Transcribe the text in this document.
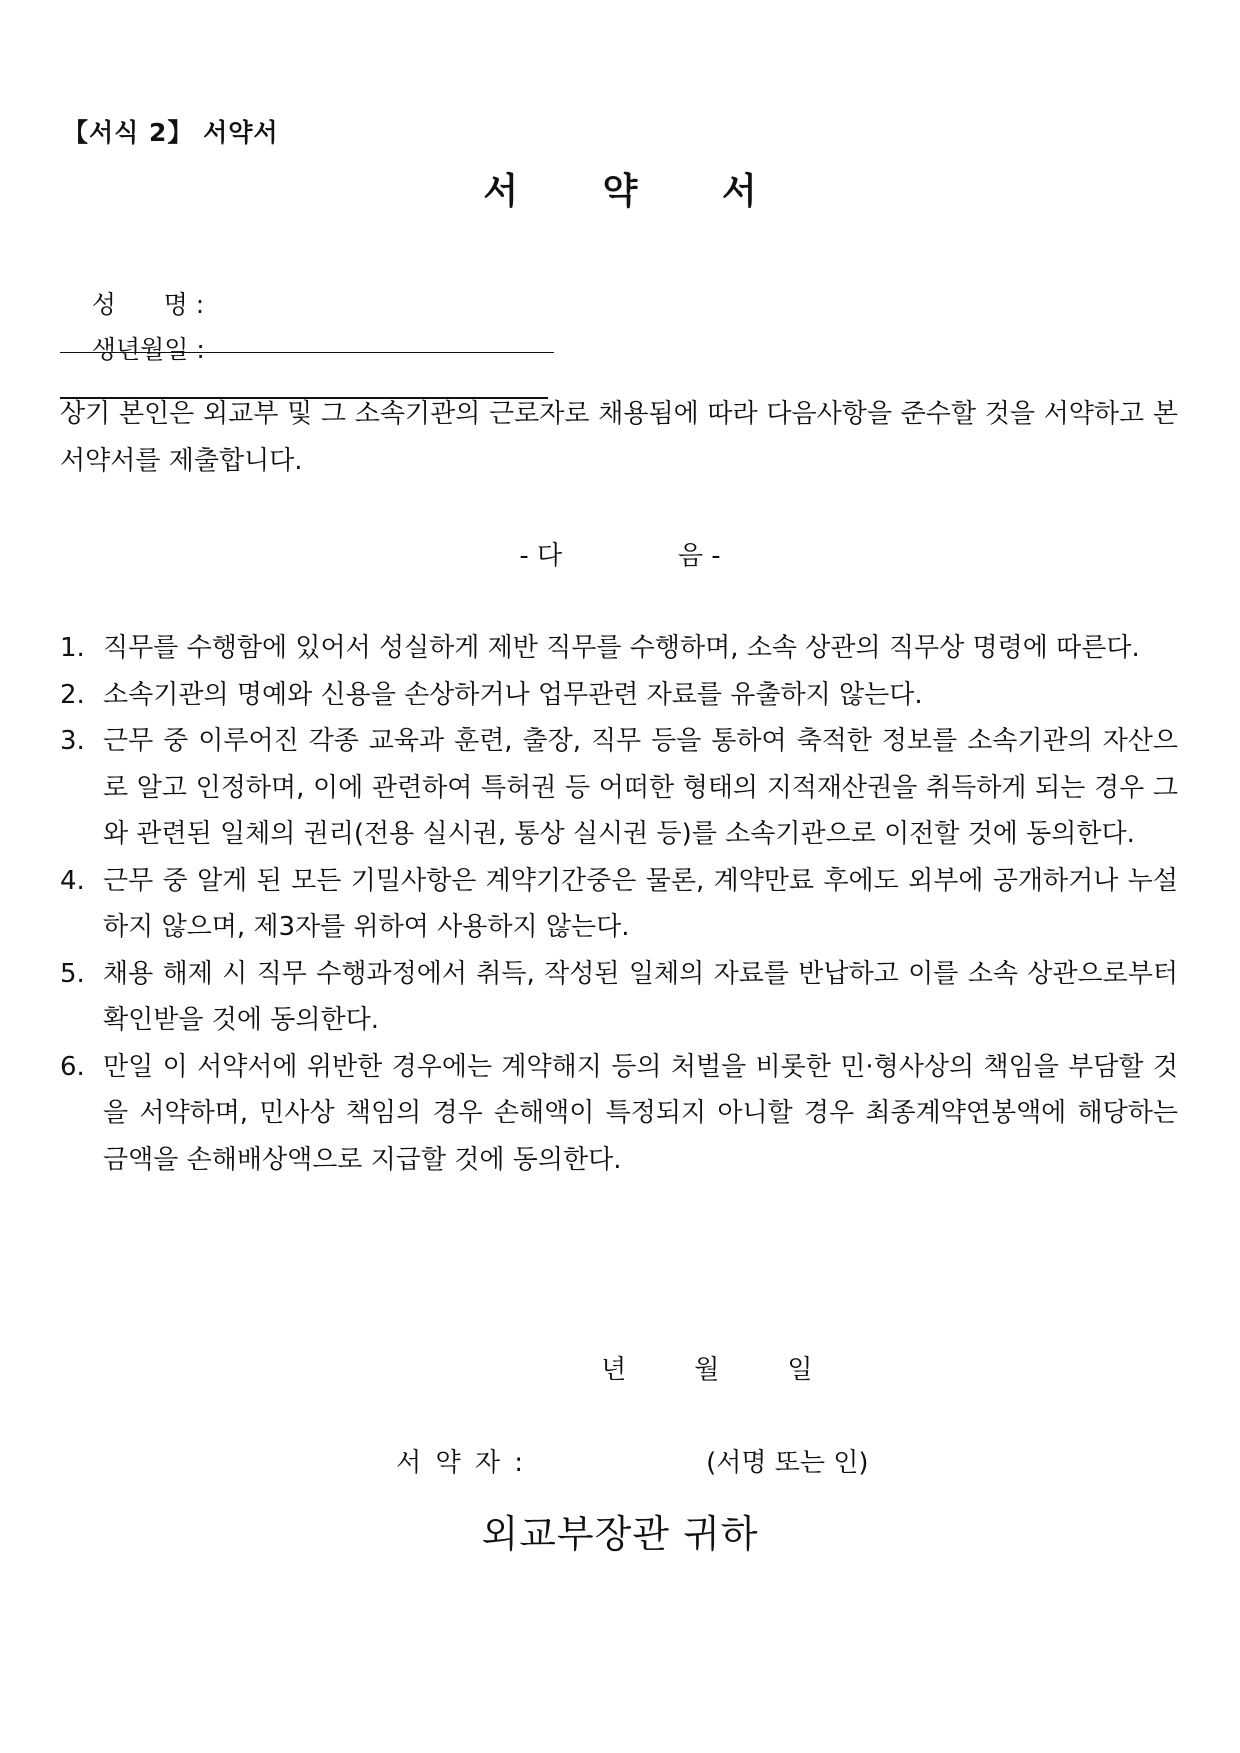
【서식 2】 서약서
서 약 서

성      명 :

생년월일 :

상기 본인은 외교부 및 그 소속기관의 근로자로 채용됨에 따라 다음사항을 준수할 것을 서약하고 본 서약서를 제출합니다.
- 다              음 -
1. 직무를 수행함에 있어서 성실하게 제반 직무를 수행하며, 소속 상관의 직무상 명령에 따른다.
2. 소속기관의 명예와 신용을 손상하거나 업무관련 자료를 유출하지 않는다.
3. 근무 중 이루어진 각종 교육과 훈련, 출장, 직무 등을 통하여 축적한 정보를 소속기관의 자산으로 알고 인정하며, 이에 관련하여 특허권 등 어떠한 형태의 지적재산권을 취득하게 되는 경우 그와 관련된 일체의 권리(전용 실시권, 통상 실시권 등)를 소속기관으로 이전할 것에 동의한다.
4. 근무 중 알게 된 모든 기밀사항은 계약기간중은 물론, 계약만료 후에도 외부에 공개하거나 누설하지 않으며, 제3자를 위하여 사용하지 않는다.
5. 채용 해제 시 직무 수행과정에서 취득, 작성된 일체의 자료를 반납하고 이를 소속 상관으로부터 확인받을 것에 동의한다.
6. 만일 이 서약서에 위반한 경우에는 계약해지 등의 처벌을 비롯한 민·형사상의 책임을 부담할 것을 서약하며, 민사상 책임의 경우 손해액이 특정되지 아니할 경우 최종계약연봉액에 해당하는 금액을 손해배상액으로 지급할 것에 동의한다.

년	월	일

서 약 자 :	(서명 또는 인)

외교부장관 귀하
